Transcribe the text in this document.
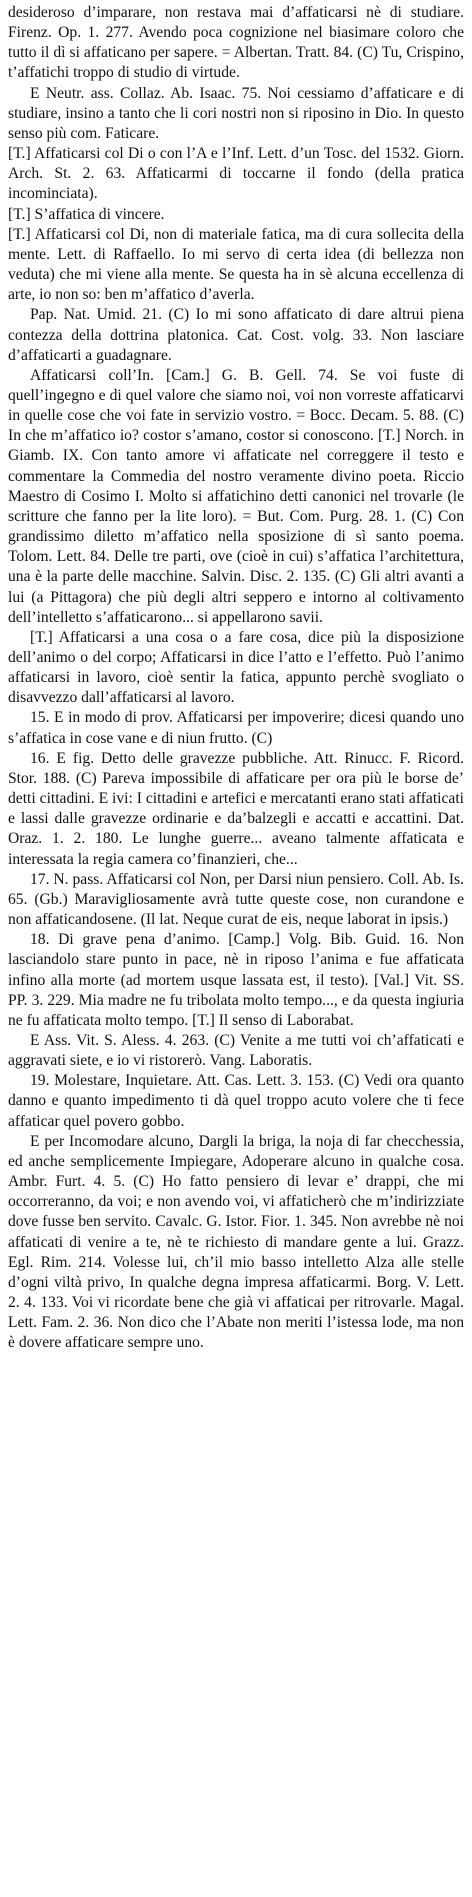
desideroso d’imparare, non restava mai d’affaticarsi nè di studiare. Firenz. Op. 1. 277. Avendo poca cognizione nel biasimare coloro che tutto il dì si affaticano per sapere. = Albertan. Tratt. 84. (C) Tu, Crispino, t’affatichi troppo di studio di virtude.

E Neutr. ass. Collaz. Ab. Isaac. 75. Noi cessiamo d’affaticare e di studiare, insino a tanto che li cori nostri non si riposino in Dio. In questo senso più com. Faticare.

[T.] Affaticarsi col Di o con l’A e l’Inf. Lett. d’un Tosc. del 1532. Giorn. Arch. St. 2. 63. Affaticarmi di toccarne il fondo (della pratica incominciata).

[T.] S’affatica di vincere.

[T.] Affaticarsi col Di, non di materiale fatica, ma di cura sollecita della mente. Lett. di Raffaello. Io mi servo di certa idea (di bellezza non veduta) che mi viene alla mente. Se questa ha in sè alcuna eccellenza di arte, io non so: ben m’affatico d’averla.

Pap. Nat. Umid. 21. (C) Io mi sono affaticato di dare altrui piena contezza della dottrina platonica. Cat. Cost. volg. 33. Non lasciare d’affaticarti a guadagnare.

Affaticarsi coll’In. [Cam.] G. B. Gell. 74. Se voi fuste di quell’ingegno e di quel valore che siamo noi, voi non vorreste affaticarvi in quelle cose che voi fate in servizio vostro. = Bocc. Decam. 5. 88. (C) In che m’affatico io? costor s’amano, costor si conoscono. [T.] Norch. in Giamb. IX. Con tanto amore vi affaticate nel correggere il testo e commentare la Commedia del nostro veramente divino poeta. Riccio Maestro di Cosimo I. Molto si affatichino detti canonici nel trovarle (le scritture che fanno per la lite loro). = But. Com. Purg. 28. 1. (C) Con grandissimo diletto m’affatico nella sposizione di sì santo poema. Tolom. Lett. 84. Delle tre parti, ove (cioè in cui) s’affatica l’architettura, una è la parte delle macchine. Salvin. Disc. 2. 135. (C) Gli altri avanti a lui (a Pittagora) che più degli altri seppero e intorno al coltivamento dell’intelletto s’affaticarono... si appellarono savii.

[T.] Affaticarsi a una cosa o a fare cosa, dice più la disposizione dell’animo o del corpo; Affaticarsi in dice l’atto e l’effetto. Può l’animo affaticarsi in lavoro, cioè sentir la fatica, appunto perchè svogliato o disavvezzo dall’affaticarsi al lavoro.

15. E in modo di prov. Affaticarsi per impoverire; dicesi quando uno s’affatica in cose vane e di niun frutto. (C)

16. E fig. Detto delle gravezze pubbliche. Att. Rinucc. F. Ricord. Stor. 188. (C) Pareva impossibile di affaticare per ora più le borse de’ detti cittadini. E ivi: I cittadini e artefici e mercatanti erano stati affaticati e lassi dalle gravezze ordinarie e da’balzegli e accatti e accattini. Dat. Oraz. 1. 2. 180. Le lunghe guerre... aveano talmente affaticata e interessata la regia camera co’finanzieri, che...

17. N. pass. Affaticarsi col Non, per Darsi niun pensiero. Coll. Ab. Is. 65. (Gb.) Maravigliosamente avrà tutte queste cose, non curandone e non affaticandosene. (Il lat. Neque curat de eis, neque laborat in ipsis.)

18. Di grave pena d’animo. [Camp.] Volg. Bib. Guid. 16. Non lasciandolo stare punto in pace, nè in riposo l’anima e fue affaticata infino alla morte (ad mortem usque lassata est, il testo). [Val.] Vit. SS. PP. 3. 229. Mia madre ne fu tribolata molto tempo..., e da questa ingiuria ne fu affaticata molto tempo. [T.] Il senso di Laborabat.

E Ass. Vit. S. Aless. 4. 263. (C) Venite a me tutti voi ch’affaticati e aggravati siete, e io vi ristorerò. Vang. Laboratis.

19. Molestare, Inquietare. Att. Cas. Lett. 3. 153. (C) Vedi ora quanto danno e quanto impedimento ti dà quel troppo acuto volere che ti fece affaticar quel povero gobbo.

E per Incomodare alcuno, Dargli la briga, la noja di far checchessia, ed anche semplicemente Impiegare, Adoperare alcuno in qualche cosa. Ambr. Furt. 4. 5. (C) Ho fatto pensiero di levar e’ drappi, che mi occorreranno, da voi; e non avendo voi, vi affaticherò che m’indirizziate dove fusse ben servito. Cavalc. G. Istor. Fior. 1. 345. Non avrebbe nè noi affaticati di venire a te, nè te richiesto di mandare gente a lui. Grazz. Egl. Rim. 214. Volesse lui, ch’il mio basso intelletto Alza alle stelle d’ogni viltà privo, In qualche degna impresa affaticarmi. Borg. V. Lett. 2. 4. 133. Voi vi ricordate bene che già vi affaticai per ritrovarle. Magal. Lett. Fam. 2. 36. Non dico che l’Abate non meriti l’istessa lode, ma non è dovere affaticare sempre uno.
